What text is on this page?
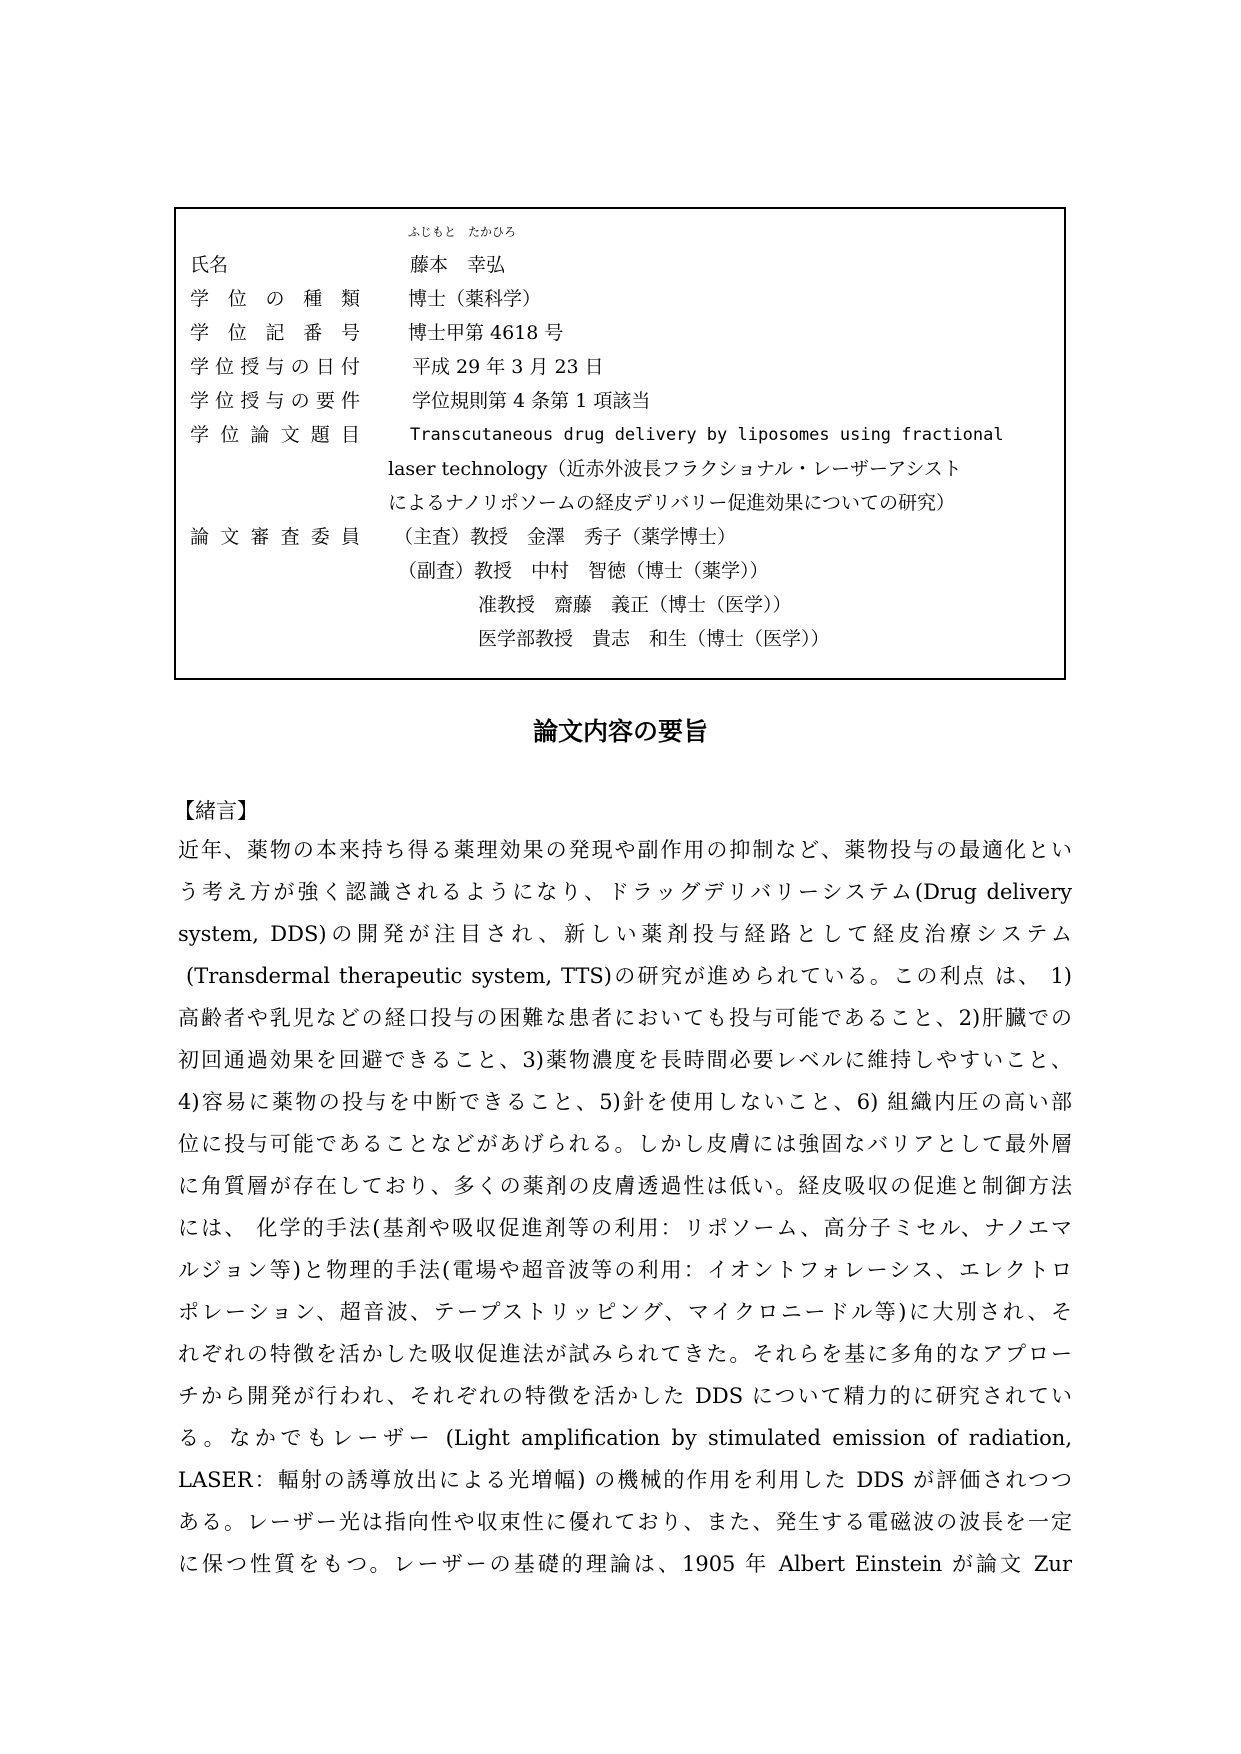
ふじもと　たかひろ
氏名	藤本　幸弘
学位の種類	博士（薬科学）
学位記番号	博士甲第 4618 号
学位授与の日付	平成 29 年 3 月 23 日
学位授与の要件	学位規則第 4 条第 1 項該当
学位論文題目	Transcutaneous drug delivery by liposomes using fractional
laser technology（近赤外波長フラクショナル・レーザーアシスト
によるナノリポソームの経皮デリバリー促進効果についての研究）
論文審査委員 （主査）教授　金澤　秀子（薬学博士）
（副査）教授　中村　智徳（博士（薬学））
准教授　齋藤　義正（博士（医学））
医学部教授　貴志　和生（博士（医学））
論文内容の要旨
【緒言】
近年、薬物の本来持ち得る薬理効果の発現や副作用の抑制など、薬物投与の最適化とい
う考え方が強く認識されるようになり、ドラッグデリバリーシステム(Drug delivery
system, DDS)の開発が注目され、新しい薬剤投与経路として経皮治療システム
(Transdermal therapeutic system, TTS)の研究が進められている。この利点 は、 1)
高齢者や乳児などの経口投与の困難な患者においても投与可能であること、2)肝臓での
初回通過効果を回避できること、3)薬物濃度を長時間必要レベルに維持しやすいこと、
4)容易に薬物の投与を中断できること、5)針を使用しないこと、6) 組織内圧の高い部
位に投与可能であることなどがあげられる。しかし皮膚には強固なバリアとして最外層
に角質層が存在しており、多くの薬剤の皮膚透過性は低い。経皮吸収の促進と制御方法
には、 化学的手法(基剤や吸収促進剤等の利用：リポソーム、高分子ミセル、ナノエマ
ルジョン等)と物理的手法(電場や超音波等の利用：イオントフォレーシス、エレクトロ
ポレーション、超音波、テープストリッピング、マイクロニードル等)に大別され、そ
れぞれの特徴を活かした吸収促進法が試みられてきた。それらを基に多角的なアプロー
チから開発が行われ、それぞれの特徴を活かした DDS について精力的に研究されてい
る。なかでもレーザー (Light amplification by stimulated emission of radiation,
LASER：輻射の誘導放出による光増幅) の機械的作用を利用した DDS が評価されつつ
ある。レーザー光は指向性や収束性に優れており、また、発生する電磁波の波長を一定
に保つ性質をもつ。レーザーの基礎的理論は、1905 年 Albert Einstein が論文 Zur
